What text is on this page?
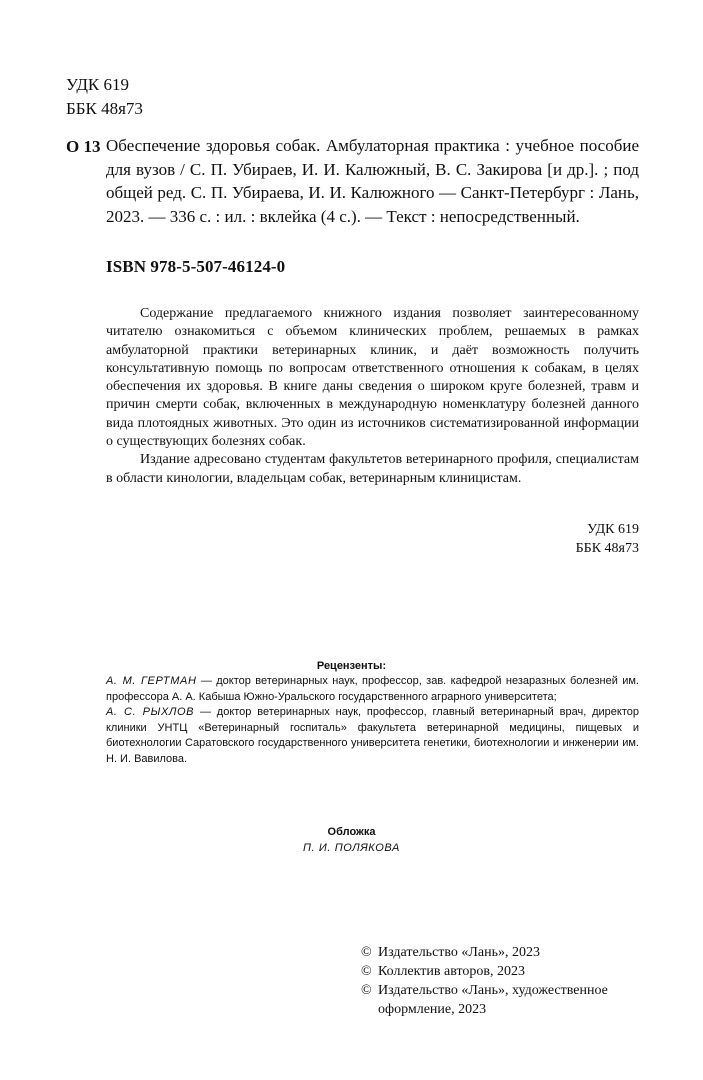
УДК 619
ББК 48я73
О 13 Обеспечение здоровья собак. Амбулаторная практика : учебное пособие для вузов / С. П. Убираев, И. И. Калюжный, В. С. Закирова [и др.]. ; под общей ред. С. П. Убираева, И. И. Калюжного — Санкт-Петербург : Лань, 2023. — 336 с. : ил. : вклейка (4 с.). — Текст : непосредственный.
ISBN 978-5-507-46124-0

Содержание предлагаемого книжного издания позволяет заинтересованному читателю ознакомиться с объемом клинических проблем, решаемых в рамках амбулаторной практики ветеринарных клиник, и даёт возможность получить консультативную помощь по вопросам ответственного отношения к собакам, в целях обеспечения их здоровья. В книге даны сведения о широком круге болезней, травм и причин смерти собак, включенных в международную номенклатуру болезней данного вида плотоядных животных. Это один из источников систематизированной информации о существующих болезнях собак.

Издание адресовано студентам факультетов ветеринарного профиля, специалистам в области кинологии, владельцам собак, ветеринарным клиницистам.

УДК 619
ББК 48я73
Рецензенты:

А. М. ГЕРТМАН — доктор ветеринарных наук, профессор, зав. кафедрой незаразных болезней им. профессора А. А. Кабыша Южно-Уральского государственного аграрного университета;

А. С. РЫХЛОВ — доктор ветеринарных наук, профессор, главный ветеринарный врач, директор клиники УНТЦ «Ветеринарный госпиталь» факультета ветеринарной медицины, пищевых и биотехнологии Саратовского государственного университета генетики, биотехнологии и инженерии им. Н. И. Вавилова.

Обложка
П. И. ПОЛЯКОВА
© Издательство «Лань», 2023
© Коллектив авторов, 2023
© Издательство «Лань», художественное
оформление, 2023
